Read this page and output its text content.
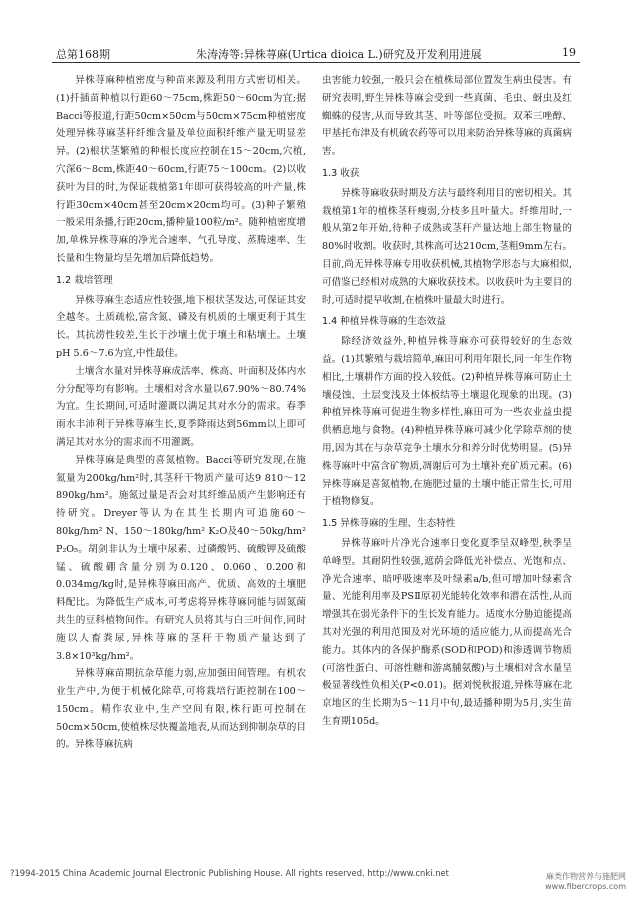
总第168期	朱涛涛等:异株荨麻(Urtica dioica L.)研究及开发利用进展	19

异株荨麻种植密度与种苗来源及利用方式密切相关。(1)扦插苗种植以行距60～75cm,株距50～60cm为宜;据Bacci等报道,行距50cm×50cm与50cm×75cm种植密度处理异株荨麻茎秆纤维含量及单位面积纤维产量无明显差异。(2)根状茎繁殖的种根长度应控制在15～20cm,穴植,穴深6～8cm,株距40～60cm,行距75～100cm。(2)以收获叶为目的时,为保证栽植第1年即可获得较高的叶产量,株行距30cm×40cm甚至20cm×20cm均可。(3)种子繁殖一般采用条播,行距20cm,播种量100粒/m²。随种植密度增加,单株异株荨麻的净光合速率、气孔导度、蒸腾速率、生长量和生物量均呈先增加后降低趋势。

1.2 栽培管理

异株荨麻生态适应性较强,地下根状茎发达,可保证其安全越冬。土质疏松,富含氮、磷及有机质的土壤更利于其生长。其抗涝性较差,生长于沙壤土优于壤土和粘壤土。土壤pH 5.6～7.6为宜,中性最佳。

土壤含水量对异株荨麻成活率、株高、叶面积及体内水分分配等均有影响。土壤相对含水量以67.90%～80.74%为宜。生长期间,可适时灌溉以满足其对水分的需求。春季雨水丰沛利于异株荨麻生长,夏季降雨达到56mm以上即可满足其对水分的需求而不用灌溉。

异株荨麻是典型的喜氮植物。Bacci等研究发现,在施氮量为200kg/hm²时,其茎秆干物质产量可达9 810～12 890kg/hm²。施氮过量是否会对其纤维品质产生影响还有待研究。Dreyer等认为在其生长期内可追施60～80kg/hm² N、150～180kg/hm² K₂O及40～50kg/hm² P₂O₅。胡剑非认为土壤中尿素、过磷酸钙、硫酸钾及硫酸锰、硫酸硼含量分别为0.120、0.060、0.200和0.034mg/kg时,是异株荨麻田高产、优质、高效的土壤肥料配比。为降低生产成本,可考虑将异株荨麻同能与固氮菌共生的豆科植物间作。有研究人员将其与白三叶间作,同时施以人畜粪尿,异株荨麻的茎秆干物质产量达到了3.8×10³kg/hm²。

异株荨麻苗期抗杂草能力弱,应加强田间管理。有机农业生产中,为便于机械化除草,可将栽培行距控制在100～150cm。精作农业中,生产空间有限,株行距可控制在50cm×50cm,使植株尽快覆盖地表,从而达到抑制杂草的目的。异株荨麻抗病

虫害能力较强,一般只会在植株局部位置发生病虫侵害。有研究表明,野生异株荨麻会受到一些真菌、毛虫、蚜虫及红蜘蛛的侵害,从而导致其茎、叶等部位受损。双苯三唑醇、甲基托布津及有机硫农药等可以用来防治异株荨麻的真菌病害。

1.3 收获

异株荨麻收获时期及方法与最终利用目的密切相关。其栽植第1年的植株茎秆瘦弱,分枝多且叶量大。纤维用时,一般从第2年开始,待种子成熟或茎秆产量达地上部生物量的80%时收割。收获时,其株高可达210cm,茎粗9mm左右。目前,尚无异株荨麻专用收获机械,其植物学形态与大麻相似,可借鉴已经相对成熟的大麻收获技术。以收获叶为主要目的时,可适时提早收割,在植株叶量最大时进行。

1.4 种植异株荨麻的生态效益

除经济效益外,种植异株荨麻亦可获得较好的生态效益。(1)其繁殖与栽培简单,麻田可利用年限长,同一年生作物相比,土壤耕作方面的投入较低。(2)种植异株荨麻可防止土壤侵蚀、土层变浅及土体板结等土壤退化现象的出现。(3)种植异株荨麻可促进生物多样性,麻田可为一些农业益虫提供栖息地与食物。(4)种植异株荨麻可减少化学除草剂的使用,因为其在与杂草竞争土壤水分和养分时优势明显。(5)异株荨麻叶中富含矿物质,凋谢后可为土壤补充矿质元素。(6)异株荨麻是喜氮植物,在施肥过量的土壤中能正常生长,可用于植物修复。

1.5 异株荨麻的生理、生态特性

异株荨麻叶片净光合速率日变化夏季呈双峰型,秋季呈单峰型。其耐阴性较强,遮荫会降低光补偿点、光饱和点、净光合速率、暗呼吸速率及叶绿素a/b,但可增加叶绿素含量、光能利用率及PSⅡ原初光能转化效率和潜在活性,从而增强其在弱光条件下的生长发育能力。适度水分胁迫能提高其对光强的利用范围及对光环境的适应能力,从而提高光合能力。其体内的各保护酶系(SOD和POD)和渗透调节物质(可溶性蛋白、可溶性糖和游离脯氨酸)与土壤相对含水量呈极显著线性负相关(P<0.01)。据刘悦秋报道,异株荨麻在北京地区的生长期为5～11月中旬,最适播种期为5月,实生苗生育期105d。

?1994-2015 China Academic Journal Electronic Publishing House. All rights reserved. http://www.cnki.net	麻类作物营养与施肥网
www.fibercrops.com
